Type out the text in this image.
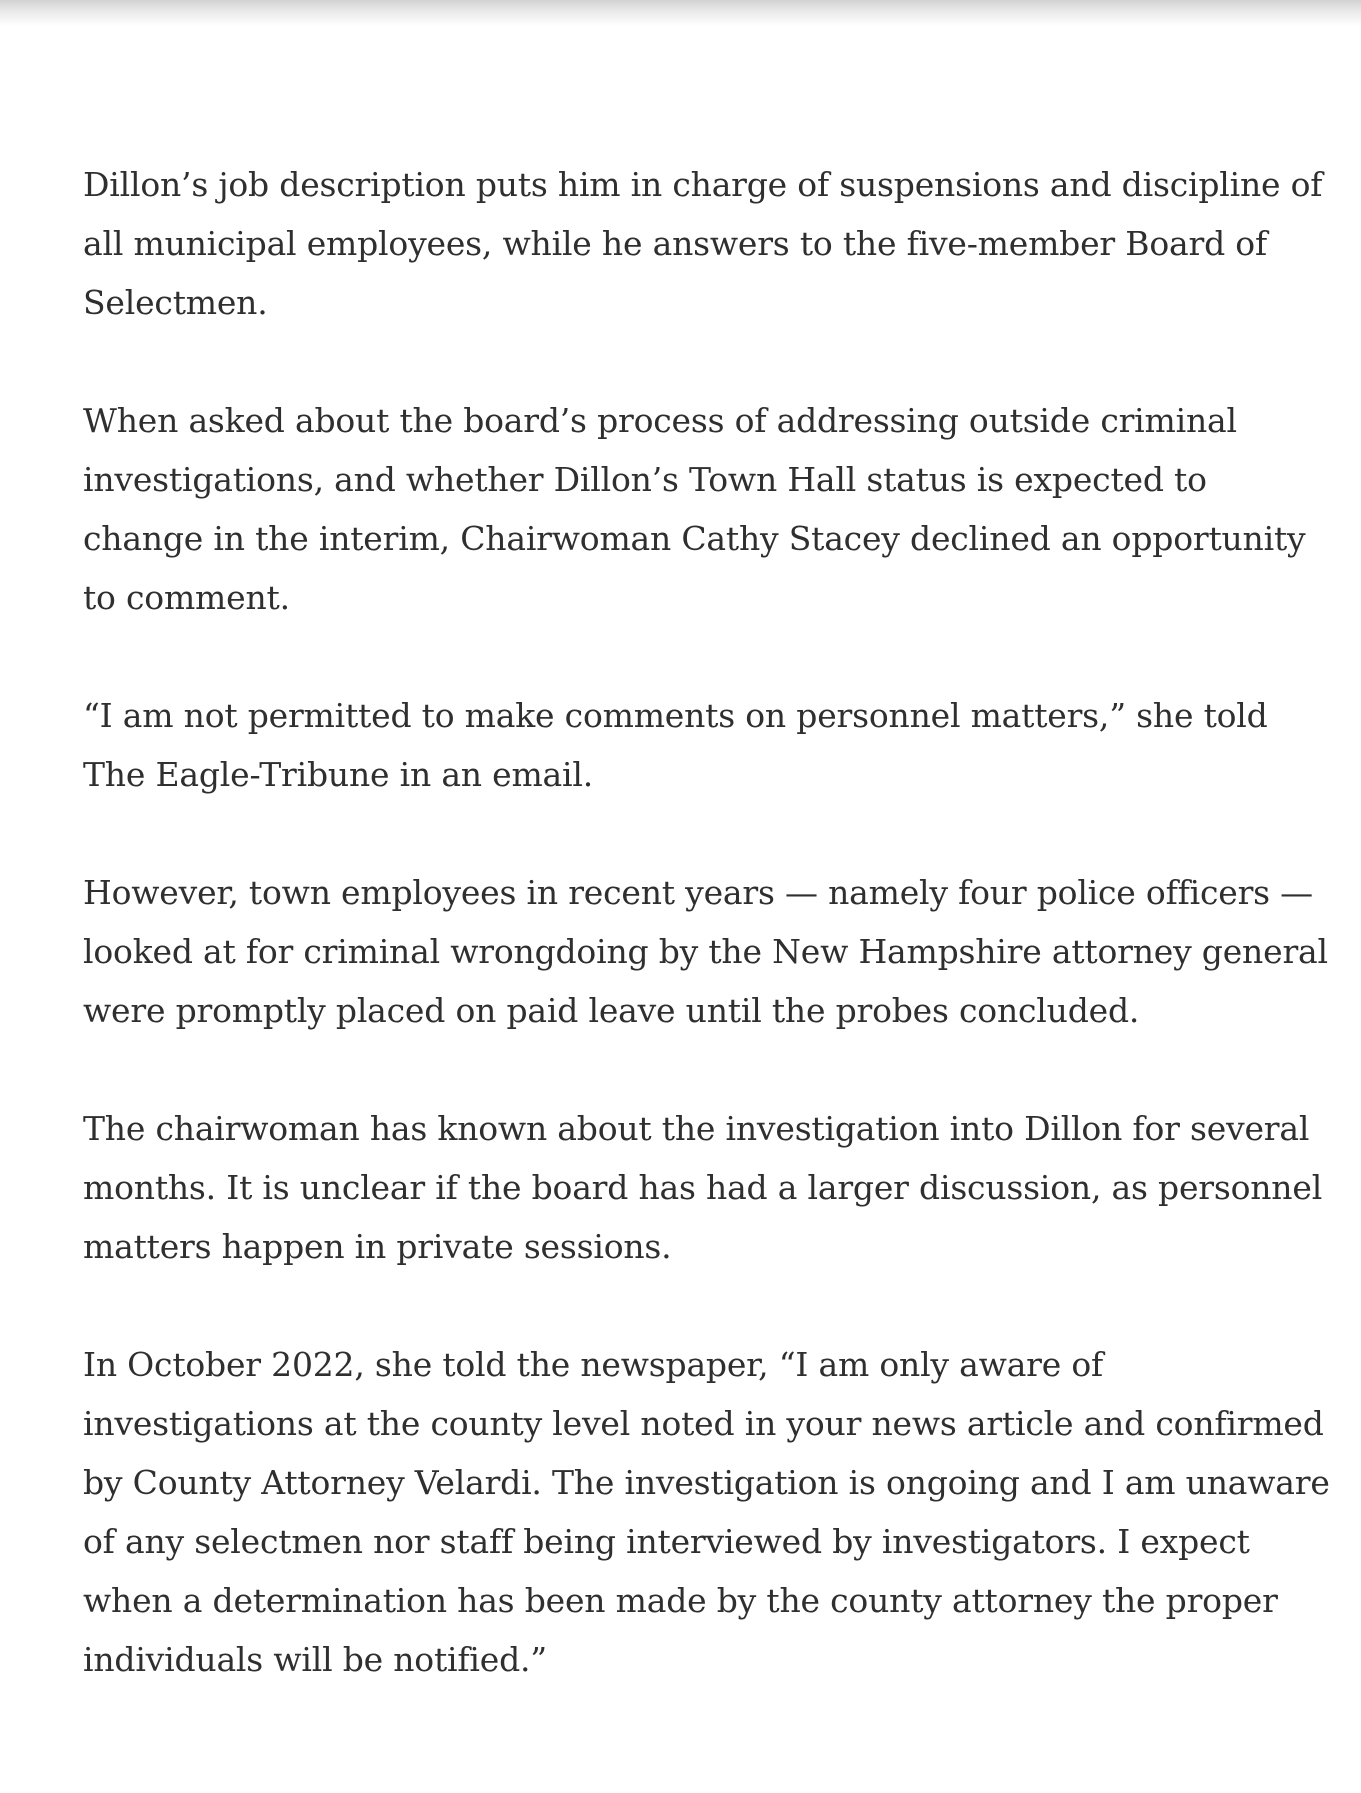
Dillon’s job description puts him in charge of suspensions and discipline of all municipal employees, while he answers to the five-member Board of Selectmen.

When asked about the board’s process of addressing outside criminal investigations, and whether Dillon’s Town Hall status is expected to change in the interim, Chairwoman Cathy Stacey declined an opportunity to comment.

“I am not permitted to make comments on personnel matters,” she told The Eagle-Tribune in an email.

However, town employees in recent years — namely four police officers — looked at for criminal wrongdoing by the New Hampshire attorney general were promptly placed on paid leave until the probes concluded.

The chairwoman has known about the investigation into Dillon for several months. It is unclear if the board has had a larger discussion, as personnel matters happen in private sessions.

In October 2022, she told the newspaper, “I am only aware of investigations at the county level noted in your news article and confirmed by County Attorney Velardi. The investigation is ongoing and I am unaware of any selectmen nor staff being interviewed by investigators. I expect when a determination has been made by the county attorney the proper individuals will be notified.”
